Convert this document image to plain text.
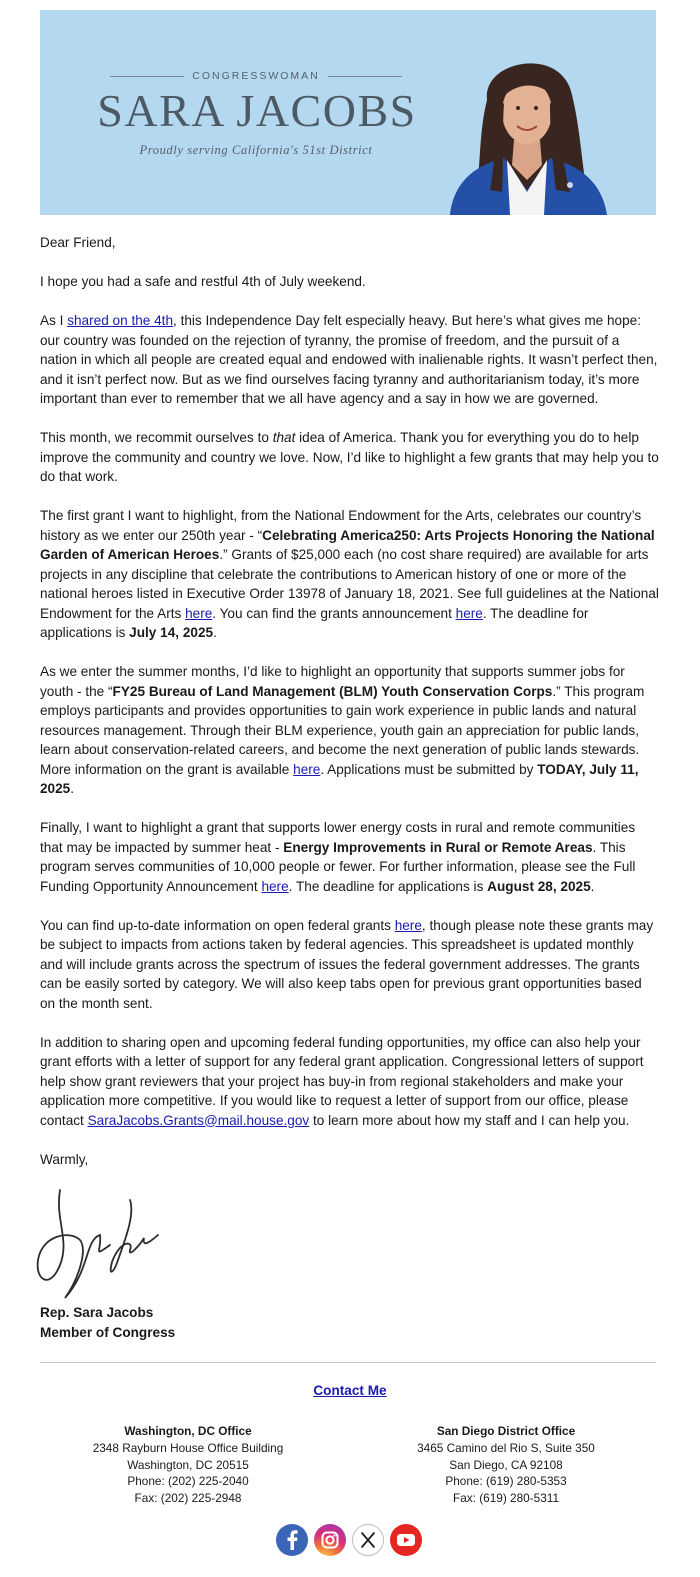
CONGRESSWOMAN
SARA JACOBS
Proudly serving California's 51st District

Dear Friend,

I hope you had a safe and restful 4th of July weekend.

As I shared on the 4th, this Independence Day felt especially heavy. But here’s what gives me hope: our country was founded on the rejection of tyranny, the promise of freedom, and the pursuit of a nation in which all people are created equal and endowed with inalienable rights. It wasn’t perfect then, and it isn’t perfect now. But as we find ourselves facing tyranny and authoritarianism today, it’s more important than ever to remember that we all have agency and a say in how we are governed.

This month, we recommit ourselves to that idea of America. Thank you for everything you do to help improve the community and country we love. Now, I’d like to highlight a few grants that may help you to do that work.

The first grant I want to highlight, from the National Endowment for the Arts, celebrates our country’s history as we enter our 250th year - “Celebrating America250: Arts Projects Honoring the National Garden of American Heroes.” Grants of $25,000 each (no cost share required) are available for arts projects in any discipline that celebrate the contributions to American history of one or more of the national heroes listed in Executive Order 13978 of January 18, 2021. See full guidelines at the National Endowment for the Arts here. You can find the grants announcement here. The deadline for applications is July 14, 2025.

As we enter the summer months, I’d like to highlight an opportunity that supports summer jobs for youth - the “FY25 Bureau of Land Management (BLM) Youth Conservation Corps.” This program employs participants and provides opportunities to gain work experience in public lands and natural resources management. Through their BLM experience, youth gain an appreciation for public lands, learn about conservation-related careers, and become the next generation of public lands stewards. More information on the grant is available here. Applications must be submitted by TODAY, July 11, 2025.

Finally, I want to highlight a grant that supports lower energy costs in rural and remote communities that may be impacted by summer heat - Energy Improvements in Rural or Remote Areas. This program serves communities of 10,000 people or fewer. For further information, please see the Full Funding Opportunity Announcement here. The deadline for applications is August 28, 2025.

You can find up-to-date information on open federal grants here, though please note these grants may be subject to impacts from actions taken by federal agencies. This spreadsheet is updated monthly and will include grants across the spectrum of issues the federal government addresses. The grants can be easily sorted by category. We will also keep tabs open for previous grant opportunities based on the month sent.

In addition to sharing open and upcoming federal funding opportunities, my office can also help your grant efforts with a letter of support for any federal grant application. Congressional letters of support help show grant reviewers that your project has buy-in from regional stakeholders and make your application more competitive. If you would like to request a letter of support from our office, please contact SaraJacobs.Grants@mail.house.gov to learn more about how my staff and I can help you.

Warmly,

Rep. Sara Jacobs
Member of Congress
Contact Me
Washington, DC Office
2348 Rayburn House Office Building
Washington, DC 20515
Phone: (202) 225-2040
Fax: (202) 225-2948
San Diego District Office
3465 Camino del Rio S, Suite 350
San Diego, CA 92108
Phone: (619) 280-5353
Fax: (619) 280-5311
